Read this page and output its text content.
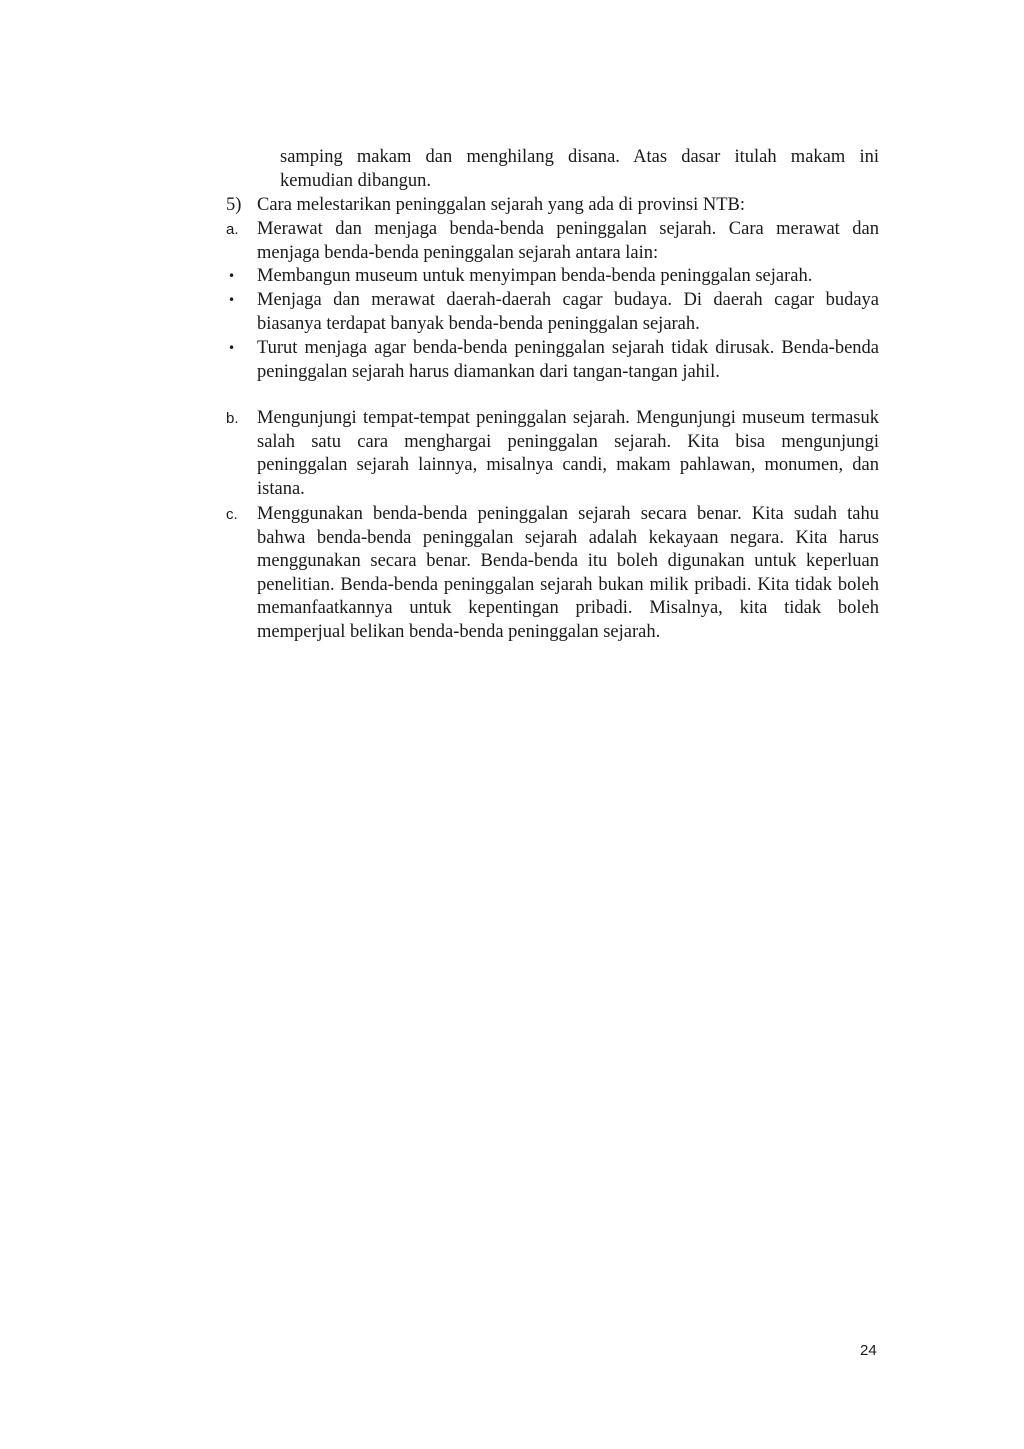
samping makam dan menghilang disana. Atas dasar itulah makam ini
kemudian dibangun.
5) Cara melestarikan peninggalan sejarah yang ada di provinsi NTB:
a. Merawat dan menjaga benda-benda peninggalan sejarah. Cara merawat dan menjaga benda-benda peninggalan sejarah antara lain:
• Membangun museum untuk menyimpan benda-benda peninggalan sejarah.
• Menjaga dan merawat daerah-daerah cagar budaya. Di daerah cagar budaya biasanya terdapat banyak benda-benda peninggalan sejarah.
• Turut menjaga agar benda-benda peninggalan sejarah tidak dirusak. Benda-benda peninggalan sejarah harus diamankan dari tangan-tangan jahil.
b. Mengunjungi tempat-tempat peninggalan sejarah. Mengunjungi museum termasuk salah satu cara menghargai peninggalan sejarah. Kita bisa mengunjungi peninggalan sejarah lainnya, misalnya candi, makam pahlawan, monumen, dan istana.
c. Menggunakan benda-benda peninggalan sejarah secara benar. Kita sudah tahu bahwa benda-benda peninggalan sejarah adalah kekayaan negara. Kita harus menggunakan secara benar. Benda-benda itu boleh digunakan untuk keperluan penelitian. Benda-benda peninggalan sejarah bukan milik pribadi. Kita tidak boleh memanfaatkannya untuk kepentingan pribadi. Misalnya, kita tidak boleh memperjual belikan benda-benda peninggalan sejarah.
24
